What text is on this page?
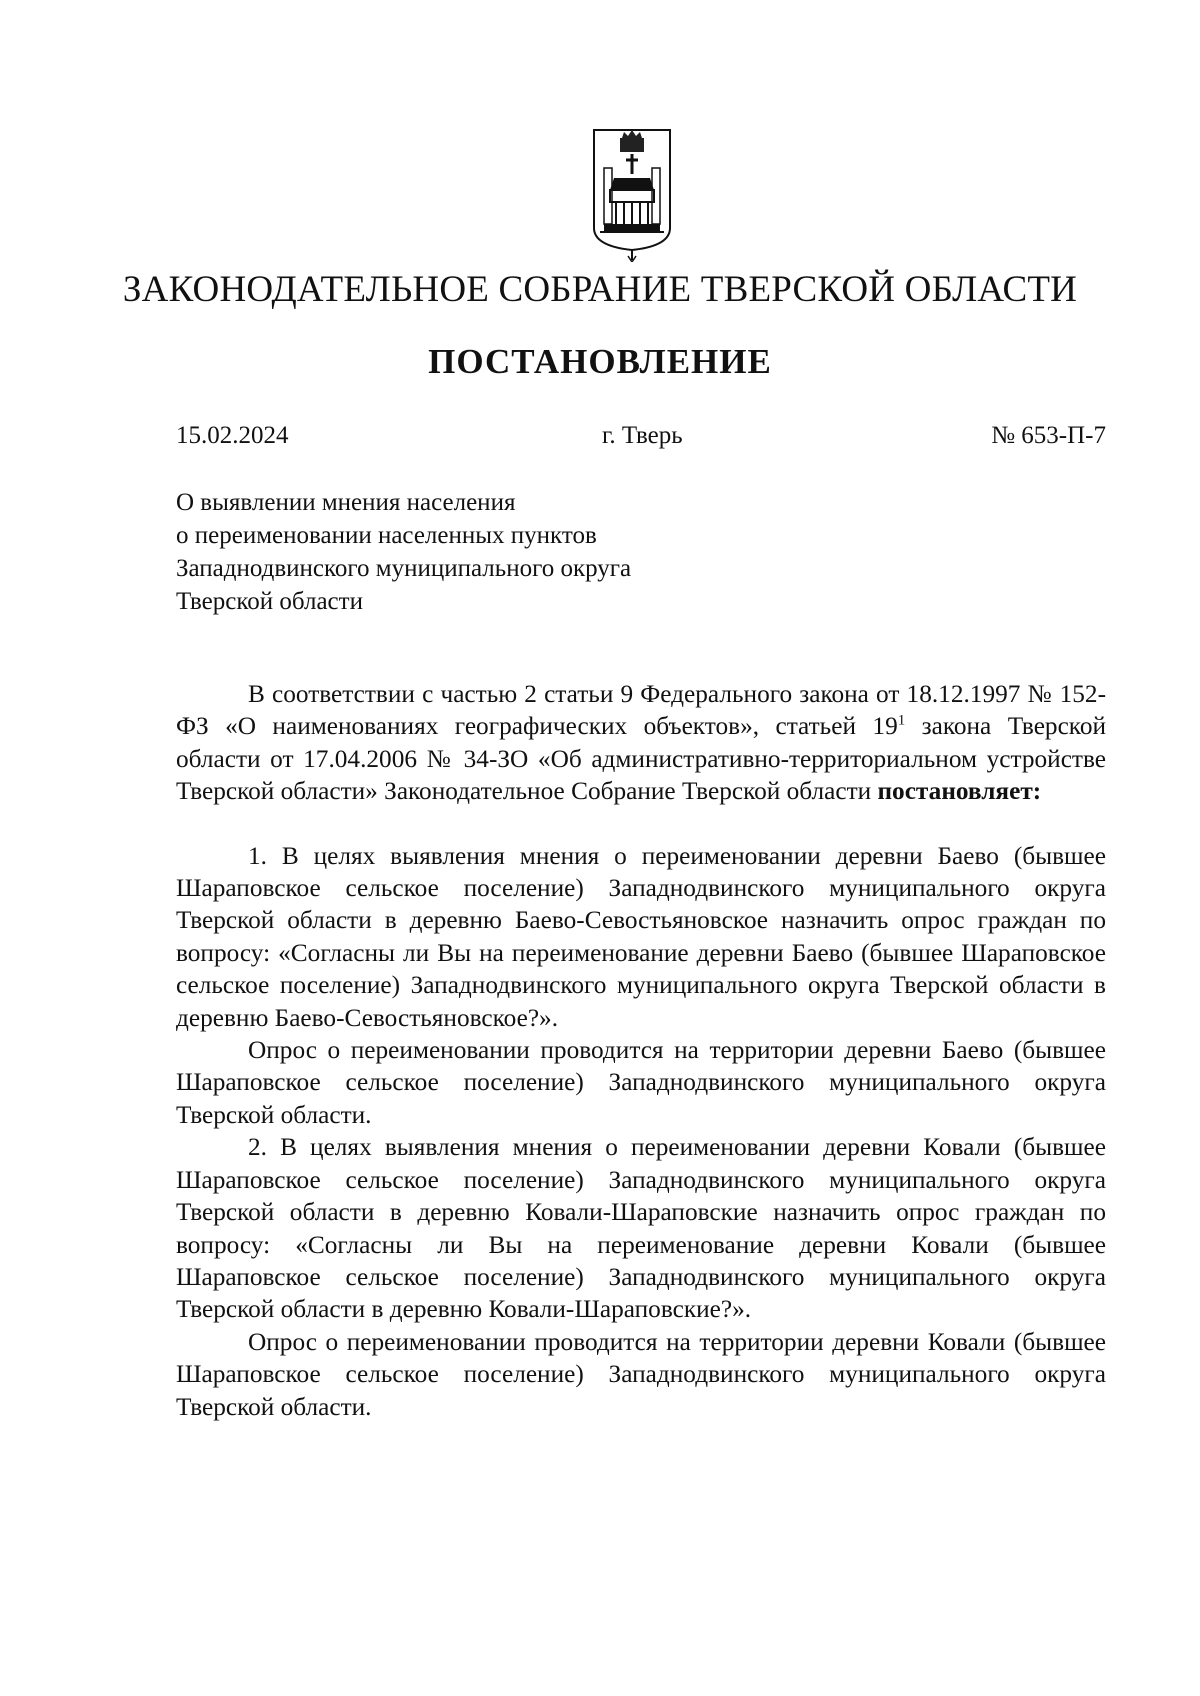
ЗАКОНОДАТЕЛЬНОЕ СОБРАНИЕ ТВЕРСКОЙ ОБЛАСТИ
ПОСТАНОВЛЕНИЕ
15.02.2024	г. Тверь	№ 653-П-7
О выявлении мнения населения
о переименовании населенных пунктов
Западнодвинского муниципального округа
Тверской области

В соответствии с частью 2 статьи 9 Федерального закона от 18.12.1997 № 152-ФЗ «О наименованиях географических объектов», статьей $19^1$ закона Тверской области от 17.04.2006 № 34-ЗО «Об административно-территориальном устройстве Тверской области» Законодательное Собрание Тверской области постановляет:

1. В целях выявления мнения о переименовании деревни Баево (бывшее Шараповское сельское поселение) Западнодвинского муниципального округа Тверской области в деревню Баево-Севостьяновское назначить опрос граждан по вопросу: «Согласны ли Вы на переименование деревни Баево (бывшее Шараповское сельское поселение) Западнодвинского муниципального округа Тверской области в деревню Баево-Севостьяновское?».

Опрос о переименовании проводится на территории деревни Баево (бывшее Шараповское сельское поселение) Западнодвинского муниципального округа Тверской области.

2. В целях выявления мнения о переименовании деревни Ковали (бывшее Шараповское сельское поселение) Западнодвинского муниципального округа Тверской области в деревню Ковали-Шараповские назначить опрос граждан по вопросу: «Согласны ли Вы на переименование деревни Ковали (бывшее Шараповское сельское поселение) Западнодвинского муниципального округа Тверской области в деревню Ковали-Шараповские?».

Опрос о переименовании проводится на территории деревни Ковали (бывшее Шараповское сельское поселение) Западнодвинского муниципального округа Тверской области.
